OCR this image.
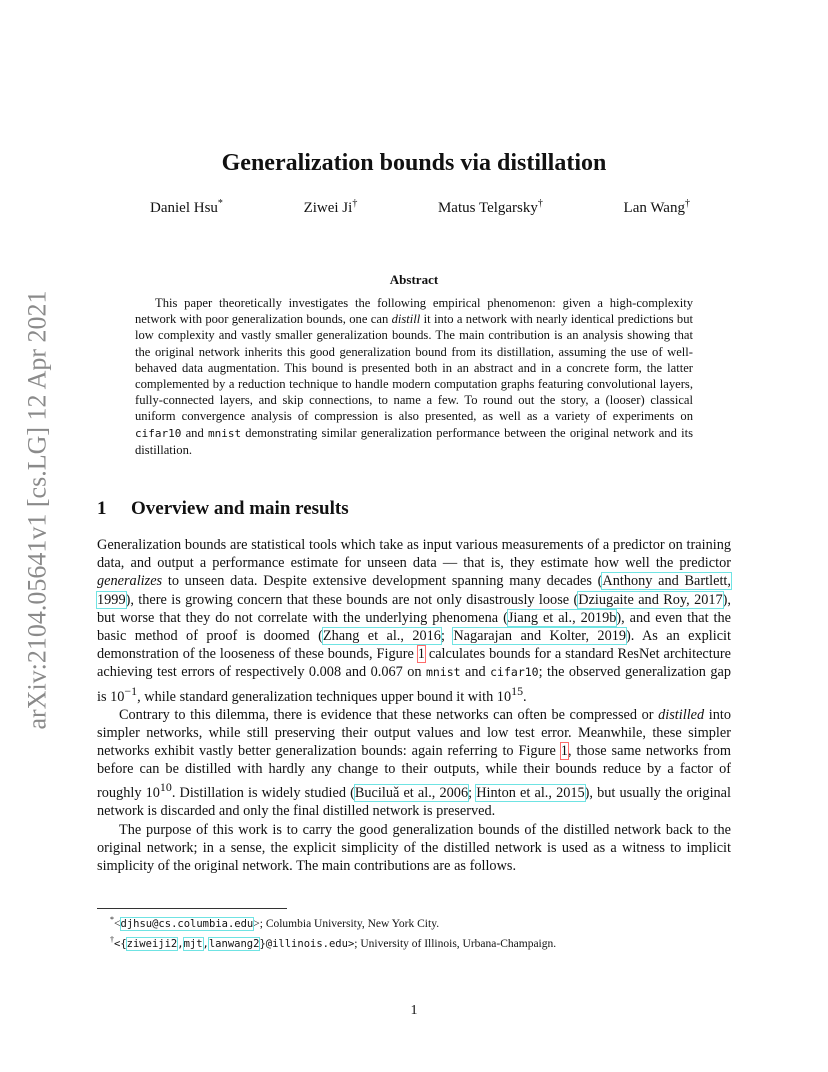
arXiv:2104.05641v1 [cs.LG] 12 Apr 2021
Generalization bounds via distillation
Daniel Hsu*	Ziwei Ji†	Matus Telgarsky†	Lan Wang†
Abstract

This paper theoretically investigates the following empirical phenomenon: given a high-complexity network with poor generalization bounds, one can distill it into a network with nearly identical predictions but low complexity and vastly smaller generalization bounds. The main contribution is an analysis showing that the original network inherits this good generalization bound from its distillation, assuming the use of well-behaved data augmentation. This bound is presented both in an abstract and in a concrete form, the latter complemented by a reduction technique to handle modern computation graphs featuring convolutional layers, fully-connected layers, and skip connections, to name a few. To round out the story, a (looser) classical uniform convergence analysis of compression is also presented, as well as a variety of experiments on cifar10 and mnist demonstrating similar generalization performance between the original network and its distillation.

1 Overview and main results

Generalization bounds are statistical tools which take as input various measurements of a predictor on training data, and output a performance estimate for unseen data — that is, they estimate how well the predictor generalizes to unseen data. Despite extensive development spanning many decades (Anthony and Bartlett, 1999), there is growing concern that these bounds are not only disastrously loose (Dziugaite and Roy, 2017), but worse that they do not correlate with the underlying phenomena (Jiang et al., 2019b), and even that the basic method of proof is doomed (Zhang et al., 2016; Nagarajan and Kolter, 2019). As an explicit demonstration of the looseness of these bounds, Figure 1 calculates bounds for a standard ResNet architecture achieving test errors of respectively 0.008 and 0.067 on mnist and cifar10; the observed generalization gap is $10^{-1}$, while standard generalization techniques upper bound it with $10^{15}$.

Contrary to this dilemma, there is evidence that these networks can often be compressed or distilled into simpler networks, while still preserving their output values and low test error. Meanwhile, these simpler networks exhibit vastly better generalization bounds: again referring to Figure 1, those same networks from before can be distilled with hardly any change to their outputs, while their bounds reduce by a factor of roughly $10^{10}$. Distillation is widely studied (Buciluǎ et al., 2006; Hinton et al., 2015), but usually the original network is discarded and only the final distilled network is preserved.

The purpose of this work is to carry the good generalization bounds of the distilled network back to the original network; in a sense, the explicit simplicity of the distilled network is used as a witness to implicit simplicity of the original network. The main contributions are as follows.

*<djhsu@cs.columbia.edu>; Columbia University, New York City.
†<{ziweiji2,mjt,lanwang2}@illinois.edu>; University of Illinois, Urbana-Champaign.
1
